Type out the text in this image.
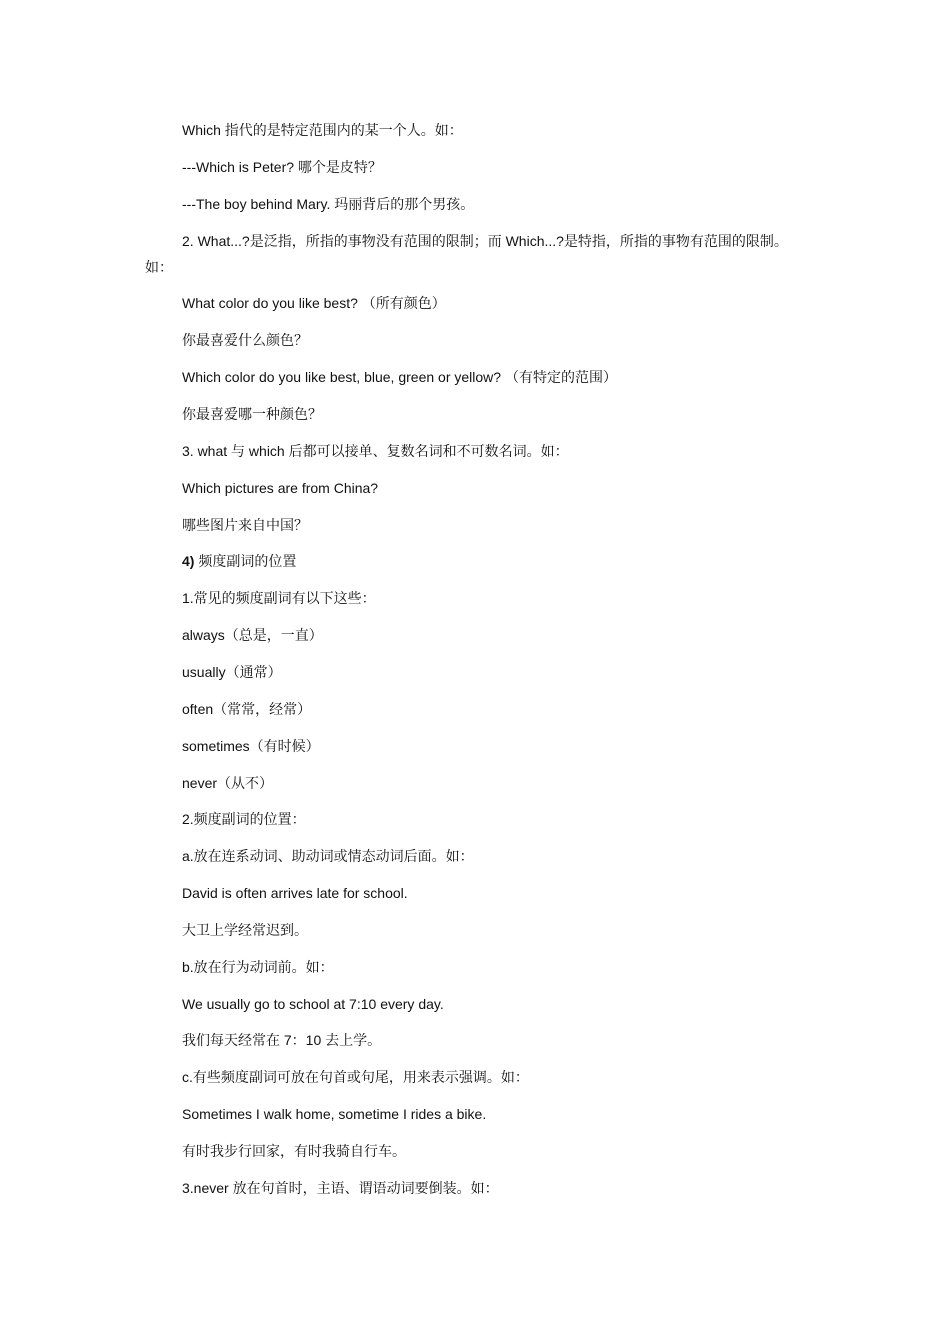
Which 指代的是特定范围内的某一个人。如：
---Which is Peter? 哪个是皮特？
---The boy behind Mary. 玛丽背后的那个男孩。
2. What...?是泛指，所指的事物没有范围的限制；而 Which...?是特指，所指的事物有范围的限制。
如：
What color do you like best? （所有颜色）
你最喜爱什么颜色？
Which color do you like best, blue, green or yellow? （有特定的范围）
你最喜爱哪一种颜色？
3. what 与 which 后都可以接单、复数名词和不可数名词。如：
Which pictures are from China?
哪些图片来自中国？
4) 频度副词的位置
1.常见的频度副词有以下这些：
always（总是，一直）
usually（通常）
often（常常，经常）
sometimes（有时候）
never（从不）
2.频度副词的位置：
a.放在连系动词、助动词或情态动词后面。如：
David is often arrives late for school.
大卫上学经常迟到。
b.放在行为动词前。如：
We usually go to school at 7:10 every day.
我们每天经常在 7：10 去上学。
c.有些频度副词可放在句首或句尾，用来表示强调。如：
Sometimes I walk home, sometime I rides a bike.
有时我步行回家，有时我骑自行车。
3.never 放在句首时，主语、谓语动词要倒装。如：
